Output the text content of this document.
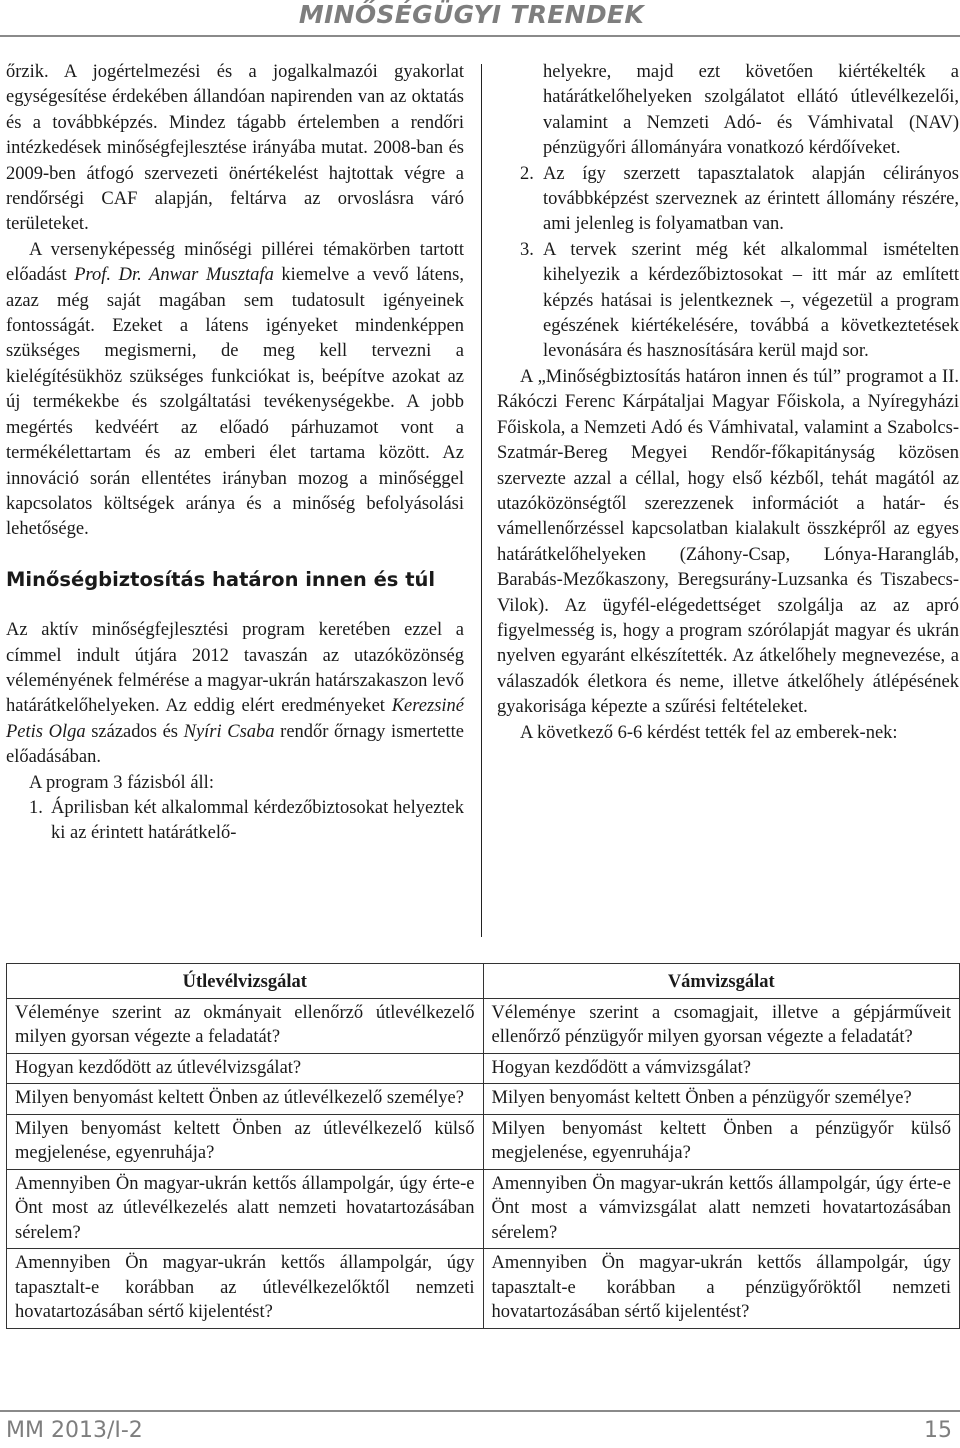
MINŐSÉGÜGYI TRENDEK

őrzik. A jogértelmezési és a jogalkalmazói gyakorlat egységesítése érdekében állandóan napirenden van az oktatás és a továbbképzés. Mindez tágabb értelemben a rendőri intézkedések minőségfejlesztése irányába mutat. 2008-ban és 2009-ben átfogó szervezeti önértékelést hajtottak végre a rendőrségi CAF alapján, feltárva az orvoslásra váró területeket.

A versenyképesség minőségi pillérei témakörben tartott előadást Prof. Dr. Anwar Musztafa kiemelve a vevő látens, azaz még saját magában sem tudatosult igényeinek fontosságát. Ezeket a látens igényeket mindenképpen szükséges megismerni, de meg kell tervezni a kielégítésükhöz szükséges funkciókat is, beépítve azokat az új termékekbe és szolgáltatási tevékenységekbe. A jobb megértés kedvéért az előadó párhuzamot vont a termékélettartam és az emberi élet tartama között. Az innováció során ellentétes irányban mozog a minőséggel kapcsolatos költségek aránya és a minőség befolyásolási lehetősége.

Minőségbiztosítás határon innen és túl

Az aktív minőségfejlesztési program keretében ezzel a címmel indult útjára 2012 tavaszán az utazóközönség véleményének felmérése a magyar-ukrán határszakaszon levő határátkelőhelyeken. Az eddig elért eredményeket Kerezsiné Petis Olga százados és Nyíri Csaba rendőr őrnagy ismertette előadásában.

A program 3 fázisból áll:

1. Áprilisban két alkalommal kérdezőbiztosokat helyeztek ki az érintett határátkelő-
helyekre, majd ezt követően kiértékelték a határátkelőhelyeken szolgálatot ellátó útlevélkezelői, valamint a Nemzeti Adó- és Vámhivatal (NAV) pénzügyőri állományára vonatkozó kérdőíveket.
2. Az így szerzett tapasztalatok alapján célirányos továbbképzést szerveznek az érintett állomány részére, ami jelenleg is folyamatban van.
3. A tervek szerint még két alkalommal ismételten kihelyezik a kérdezőbiztosokat – itt már az említett képzés hatásai is jelentkeznek –, végezetül a program egészének kiértékelésére, továbbá a következtetések levonására és hasznosítására kerül majd sor.

A „Minőségbiztosítás határon innen és túl” programot a II. Rákóczi Ferenc Kárpátaljai Magyar Főiskola, a Nyíregyházi Főiskola, a Nemzeti Adó és Vámhivatal, valamint a Szabolcs-Szatmár-Bereg Megyei Rendőr-főkapitányság közösen szervezte azzal a céllal, hogy első kézből, tehát magától az utazóközönségtől szerezzenek információt a határ- és vámellenőrzéssel kapcsolatban kialakult összképről az egyes határátkelőhelyeken (Záhony-Csap, Lónya-Harangláb, Barabás-Mezőkaszony, Beregsurány-Luzsanka és Tiszabecs-Vilok). Az ügyfél-elégedettséget szolgálja az az apró figyelmesség is, hogy a program szórólapját magyar és ukrán nyelven egyaránt elkészítették. Az átkelőhely megnevezése, a válaszadók életkora és neme, illetve átkelőhely átlépésének gyakorisága képezte a szűrési feltételeket.

A következő 6-6 kérdést tették fel az emberek-nek:

Útlevélvizsgálat	Vámvizsgálat
Véleménye szerint az okmányait ellenőrző útlevélkezelő milyen gyorsan végezte a feladatát?	Véleménye szerint a csomagjait, illetve a gépjárműveit ellenőrző pénzügyőr milyen gyorsan végezte a feladatát?
Hogyan kezdődött az útlevélvizsgálat?	Hogyan kezdődött a vámvizsgálat?
Milyen benyomást keltett Önben az útlevélkezelő személye?	Milyen benyomást keltett Önben a pénzügyőr személye?
Milyen benyomást keltett Önben az útlevélkezelő külső megjelenése, egyenruhája?	Milyen benyomást keltett Önben a pénzügyőr külső megjelenése, egyenruhája?
Amennyiben Ön magyar-ukrán kettős állampolgár, úgy érte-e Önt most az útlevélkezelés alatt nemzeti hovatartozásában sérelem?	Amennyiben Ön magyar-ukrán kettős állampolgár, úgy érte-e Önt most a vámvizsgálat alatt nemzeti hovatartozásában sérelem?
Amennyiben Ön magyar-ukrán kettős állampolgár, úgy tapasztalt-e korábban az útlevélkezelőktől nemzeti hovatartozásában sértő kijelentést?	Amennyiben Ön magyar-ukrán kettős állampolgár, úgy tapasztalt-e korábban a pénzügyőröktől nemzeti hovatartozásában sértő kijelentést?
MM 2013/I-2	15
